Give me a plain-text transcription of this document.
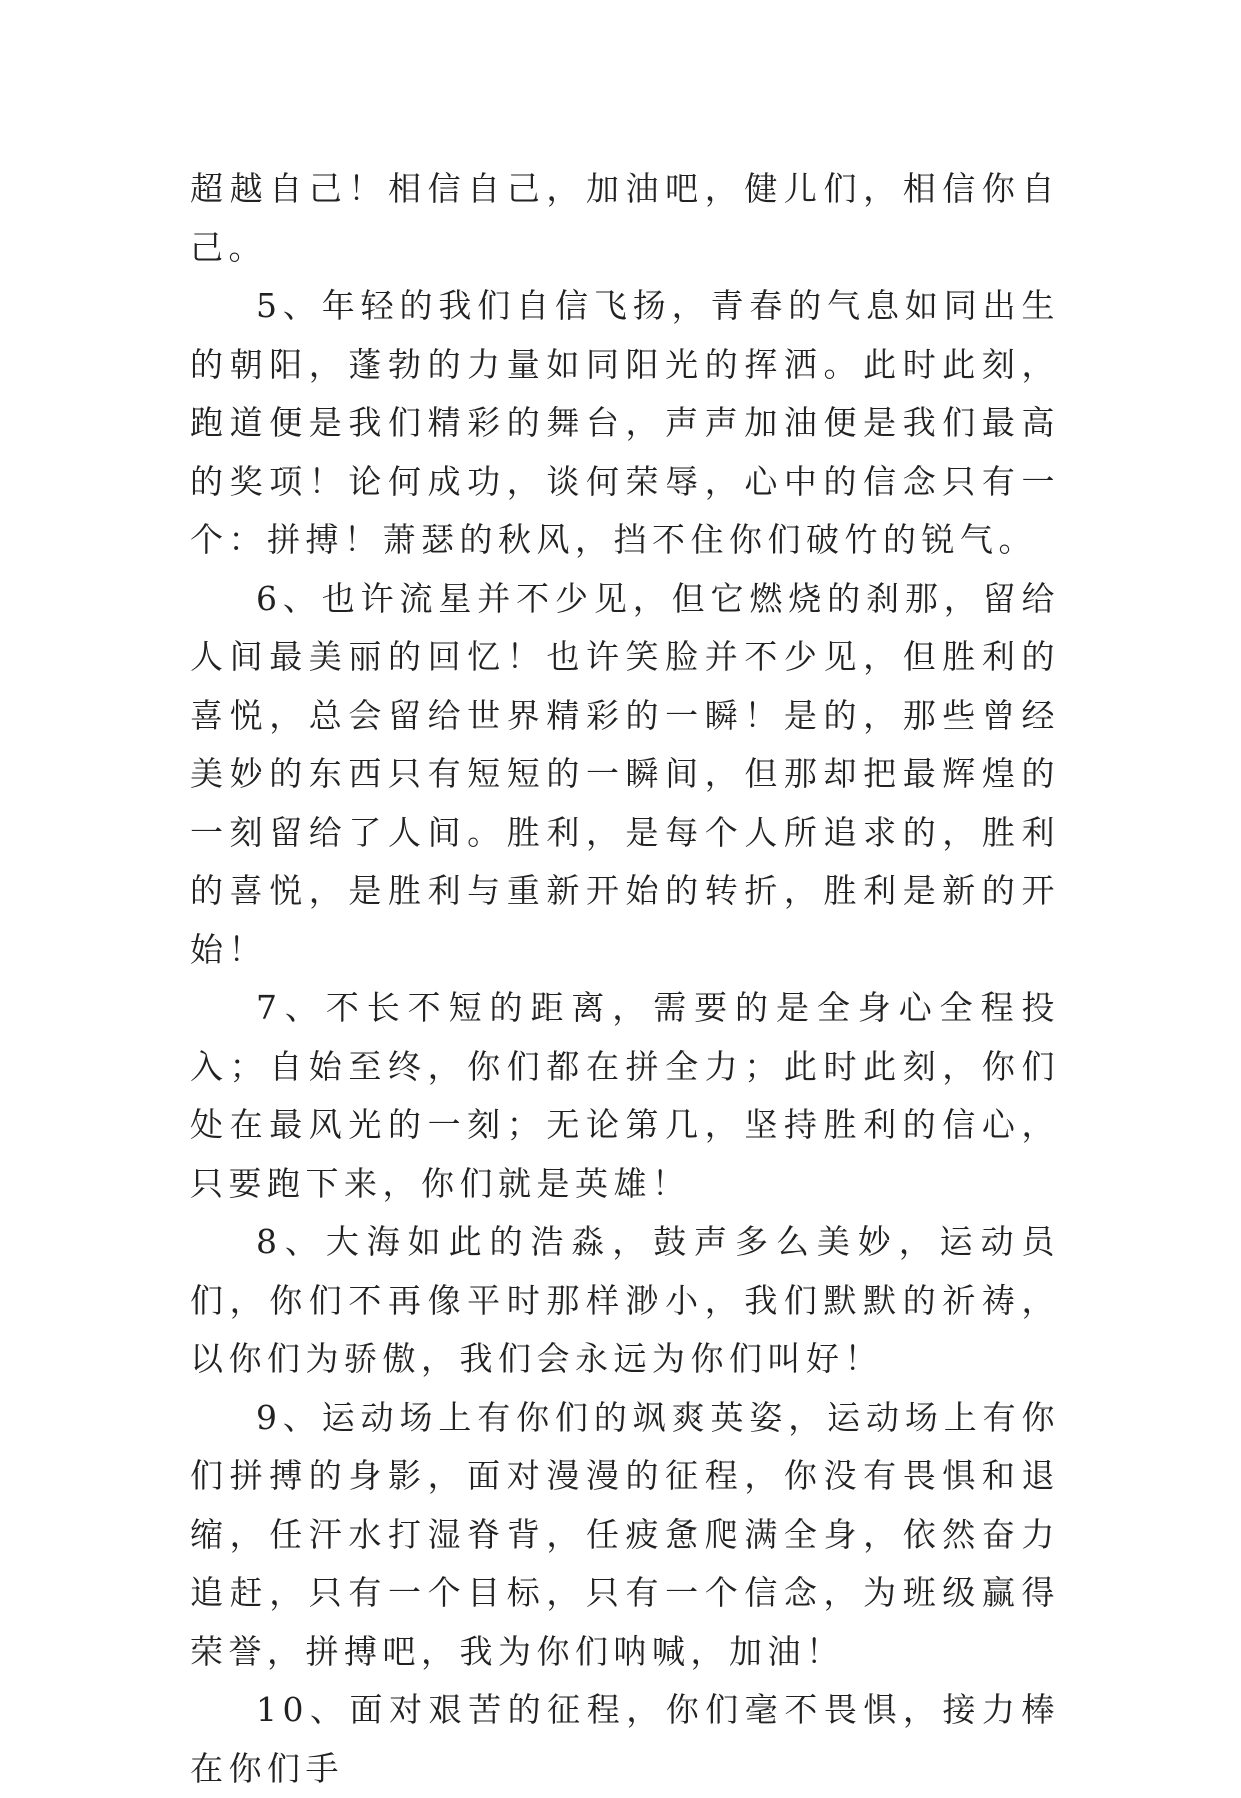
超越自己！相信自己，加油吧，健儿们，相信你自己。

5、年轻的我们自信飞扬，青春的气息如同出生的朝阳，蓬勃的力量如同阳光的挥洒。此时此刻，跑道便是我们精彩的舞台，声声加油便是我们最高的奖项！论何成功，谈何荣辱，心中的信念只有一个：拼搏！萧瑟的秋风，挡不住你们破竹的锐气。

6、也许流星并不少见，但它燃烧的刹那，留给人间最美丽的回忆！也许笑脸并不少见，但胜利的喜悦，总会留给世界精彩的一瞬！是的，那些曾经美妙的东西只有短短的一瞬间，但那却把最辉煌的一刻留给了人间。胜利，是每个人所追求的，胜利的喜悦，是胜利与重新开始的转折，胜利是新的开始！

7、不长不短的距离，需要的是全身心全程投入；自始至终，你们都在拼全力；此时此刻，你们处在最风光的一刻；无论第几，坚持胜利的信心，只要跑下来，你们就是英雄！

8、大海如此的浩淼，鼓声多么美妙，运动员们，你们不再像平时那样渺小，我们默默的祈祷，以你们为骄傲，我们会永远为你们叫好！

9、运动场上有你们的飒爽英姿，运动场上有你们拼搏的身影，面对漫漫的征程，你没有畏惧和退缩，任汗水打湿脊背，任疲惫爬满全身，依然奋力追赶，只有一个目标，只有一个信念，为班级赢得荣誉，拼搏吧，我为你们呐喊，加油！

10、面对艰苦的征程，你们毫不畏惧，接力棒在你们手
